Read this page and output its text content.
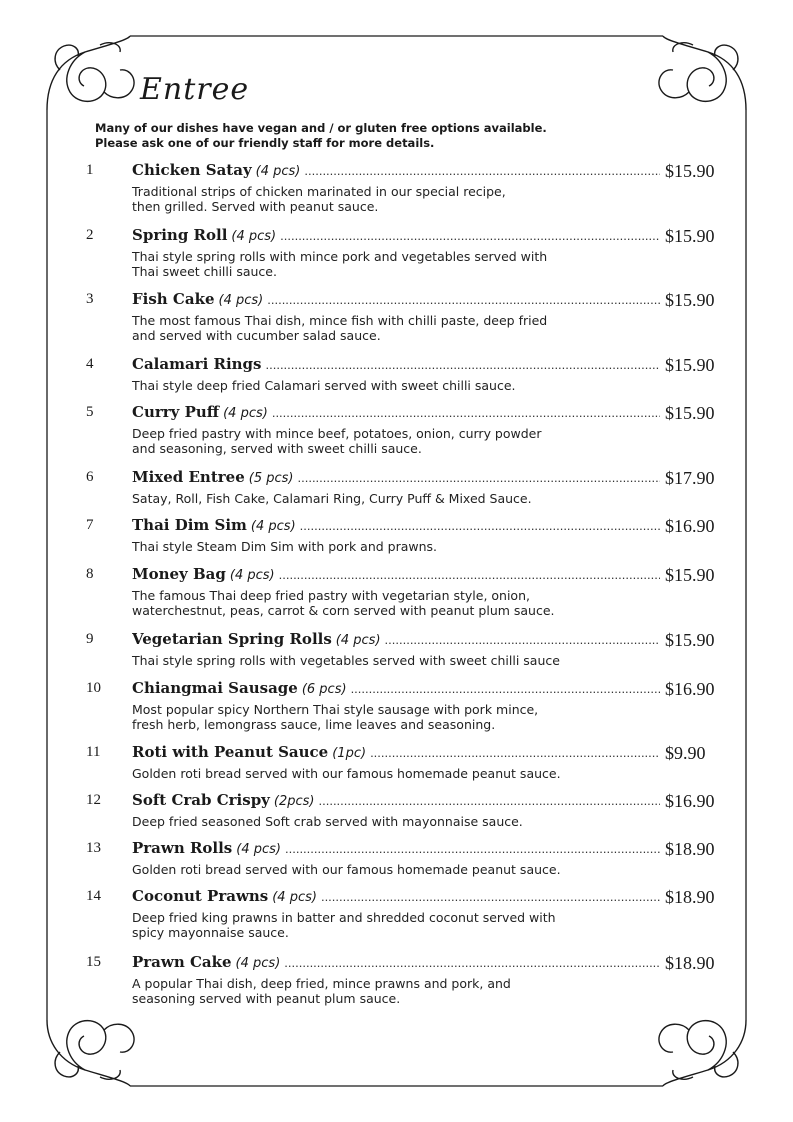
Entree
Many of our dishes have vegan and / or gluten free options available.
Please ask one of our friendly staff for more details.
1	Chicken Satay (4 pcs) .....	$15.90
Traditional strips of chicken marinated in our special recipe,
then grilled. Served with peanut sauce.
2	Spring Roll (4 pcs) .....	$15.90
Thai style spring rolls with mince pork and vegetables served with
Thai sweet chilli sauce.
3	Fish Cake (4 pcs) .....	$15.90
The most famous Thai dish, mince fish with chilli paste, deep fried
and served with cucumber salad sauce.
4	Calamari Rings .....	$15.90
Thai style deep fried Calamari served with sweet chilli sauce.
5	Curry Puff (4 pcs) .....	$15.90
Deep fried pastry with mince beef, potatoes, onion, curry powder
and seasoning, served with sweet chilli sauce.
6	Mixed Entree (5 pcs) .....	$17.90
Satay, Roll, Fish Cake, Calamari Ring, Curry Puff & Mixed Sauce.
7	Thai Dim Sim (4 pcs) .....	$16.90
Thai style Steam Dim Sim with pork and prawns.
8	Money Bag (4 pcs) .....	$15.90
The famous Thai deep fried pastry with vegetarian style, onion,
waterchestnut, peas, carrot & corn served with peanut plum sauce.
9	Vegetarian Spring Rolls (4 pcs) .....	$15.90
Thai style spring rolls with vegetables served with sweet chilli sauce
10 Chiangmai Sausage (6 pcs) .....	$16.90
Most popular spicy Northern Thai style sausage with pork mince,
fresh herb, lemongrass sauce, lime leaves and seasoning.
11 Roti with Peanut Sauce (1pc) .....	$9.90
Golden roti bread served with our famous homemade peanut sauce.
12 Soft Crab Crispy (2pcs) .....	$16.90
Deep fried seasoned Soft crab served with mayonnaise sauce.
13 Prawn Rolls (4 pcs) .....	$18.90
Golden roti bread served with our famous homemade peanut sauce.
14 Coconut Prawns (4 pcs) .....	$18.90
Deep fried king prawns in batter and shredded coconut served with
spicy mayonnaise sauce.
15 Prawn Cake (4 pcs) .....	$18.90
A popular Thai dish, deep fried, mince prawns and pork, and
seasoning served with peanut plum sauce.
